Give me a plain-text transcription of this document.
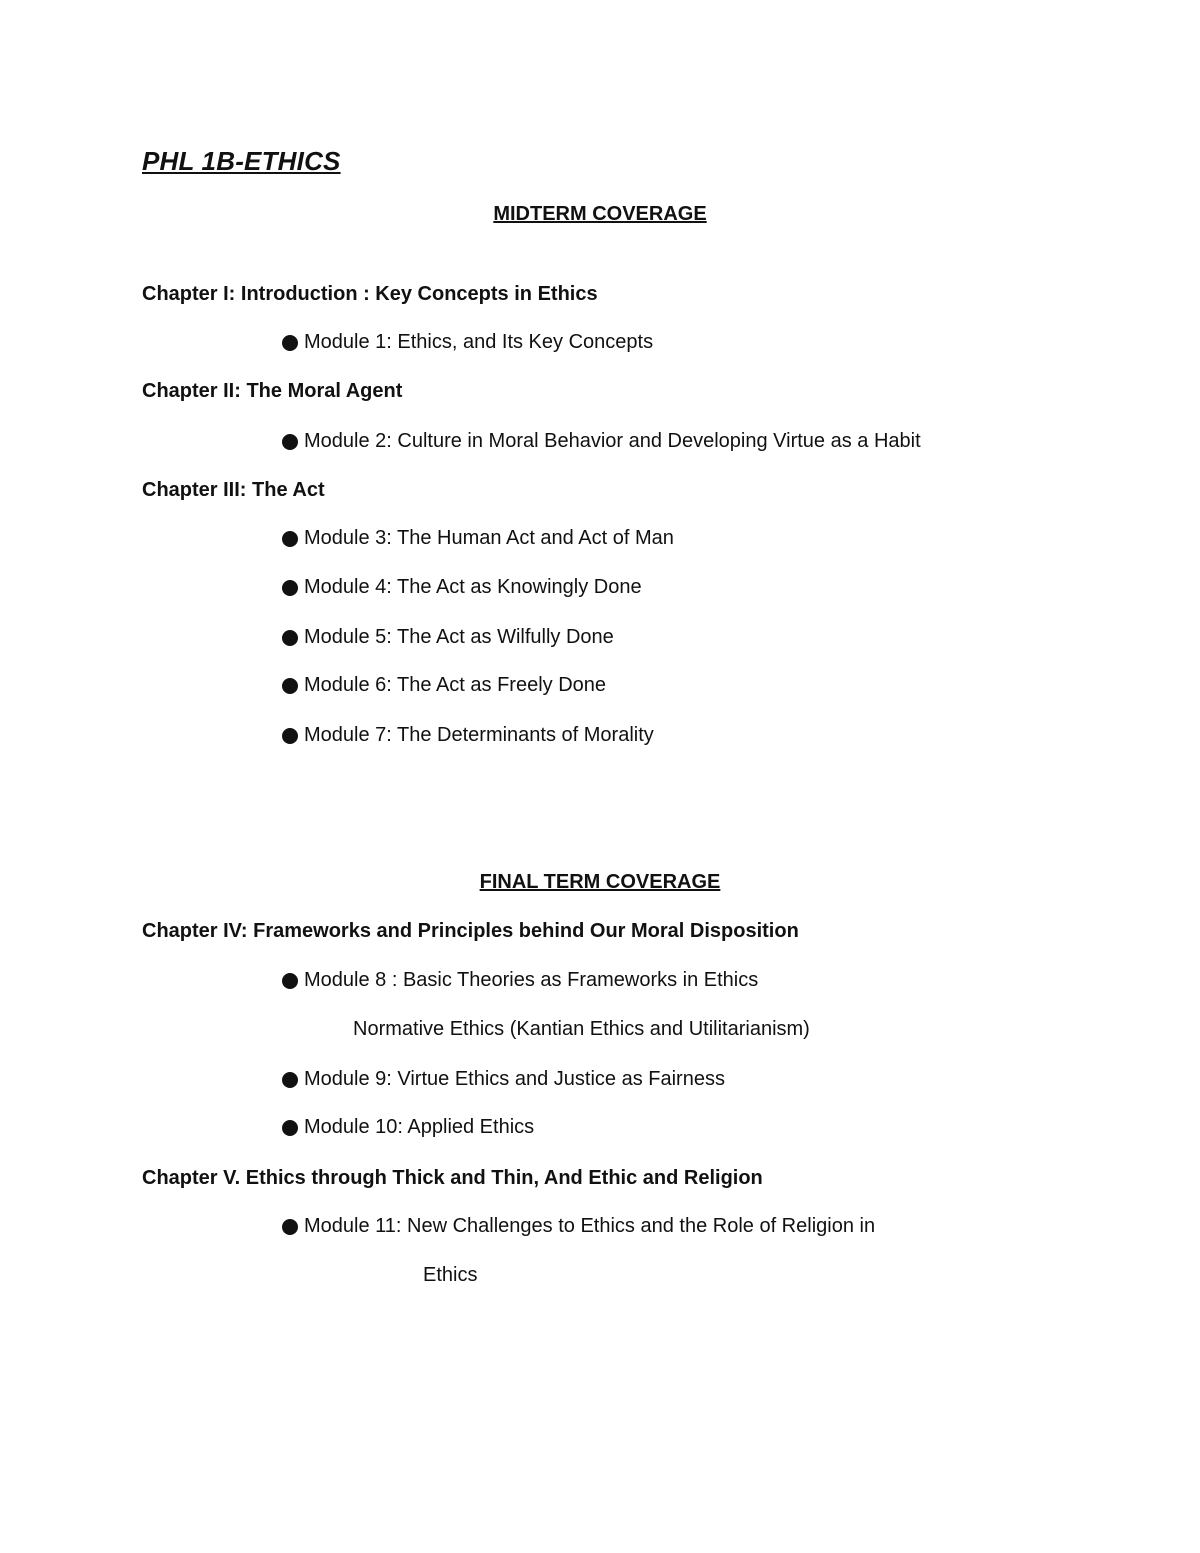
PHL 1B-ETHICS
MIDTERM COVERAGE

Chapter I: Introduction : Key Concepts in Ethics

Module 1: Ethics, and Its Key Concepts

Chapter II: The Moral Agent

Module 2: Culture in Moral Behavior and Developing Virtue as a Habit

Chapter III: The Act

Module 3: The Human Act and Act of Man

Module 4: The Act as Knowingly Done

Module 5: The Act as Wilfully Done

Module 6: The Act as Freely Done

Module 7: The Determinants of Morality

FINAL TERM COVERAGE

Chapter IV: Frameworks and Principles behind Our Moral Disposition

Module 8 : Basic Theories as Frameworks in Ethics

Normative Ethics (Kantian Ethics and Utilitarianism)

Module 9: Virtue Ethics and Justice as Fairness

Module 10: Applied Ethics

Chapter V. Ethics through Thick and Thin, And Ethic and Religion

Module 11: New Challenges to Ethics and the Role of Religion in

Ethics
